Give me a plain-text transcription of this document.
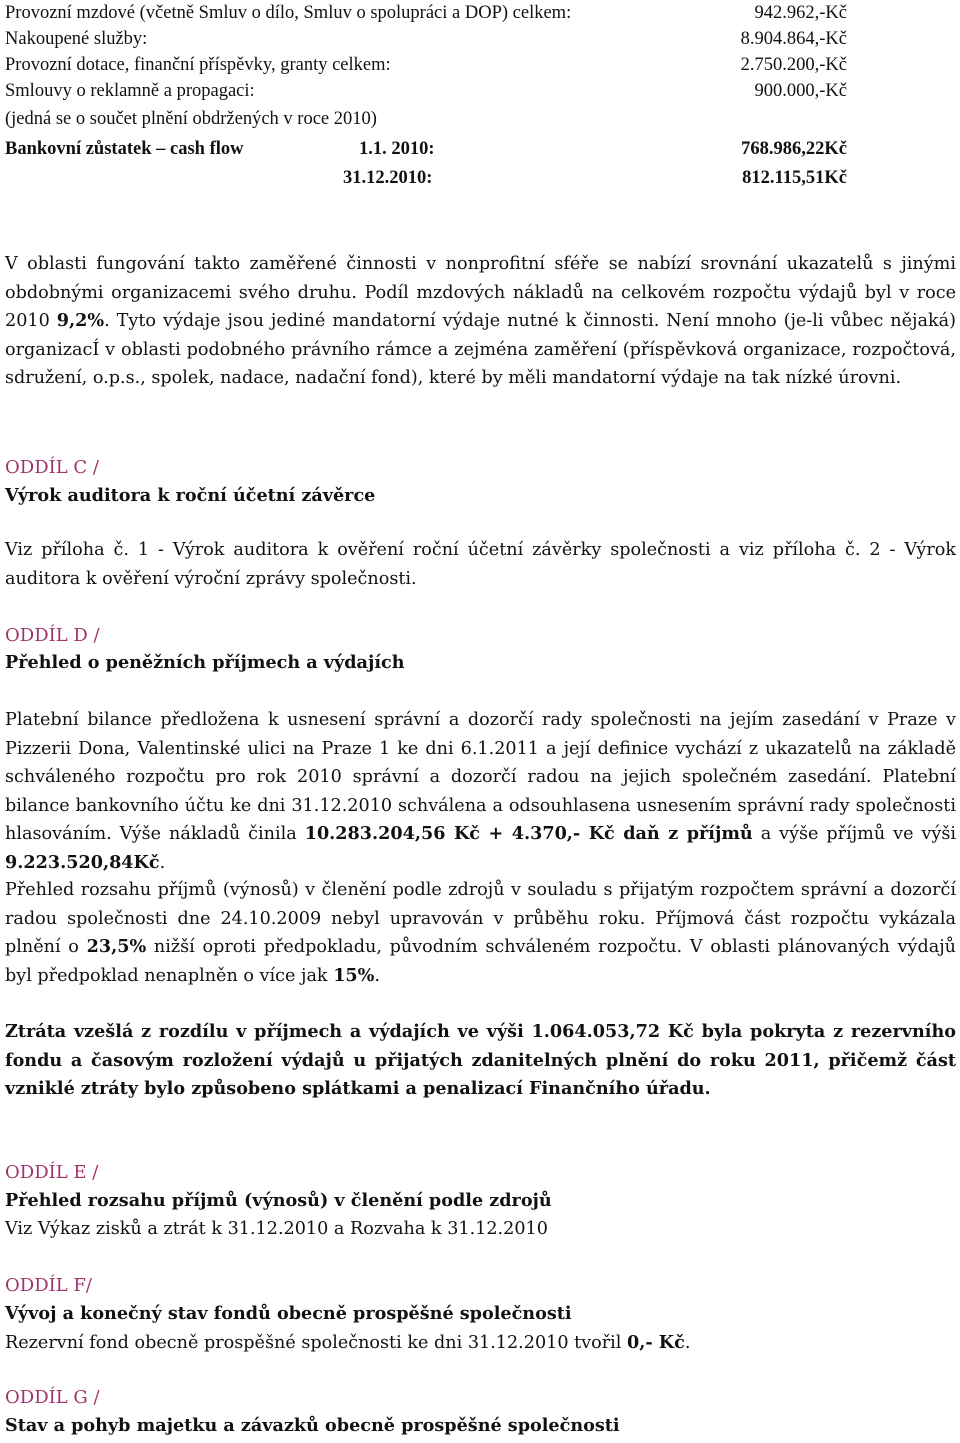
Provozní mzdové (včetně Smluv o dílo, Smluv o spolupráci a DOP) celkem:	942.962,-Kč
Nakoupené služby:	8.904.864,-Kč
Provozní dotace, finanční příspěvky, granty celkem:	2.750.200,-Kč
Smlouvy o reklamně a propagaci:	900.000,-Kč
(jedná se o součet plnění obdržených v roce 2010)
Bankovní zůstatek – cash flow	1.1. 2010:	768.986,22Kč
31.12.2010:	812.115,51Kč
V oblasti fungování takto zaměřené činnosti v nonprofitní sféře se nabízí srovnání ukazatelů s jinými obdobnými organizacemi svého druhu. Podíl mzdových nákladů na celkovém rozpočtu výdajů byl v roce 2010 9,2%. Tyto výdaje jsou jediné mandatorní výdaje nutné k činnosti. Není mnoho (je-li vůbec nějaká) organizacÍ v oblasti podobného právního rámce a zejména zaměření (příspěvková organizace, rozpočtová, sdružení, o.p.s., spolek, nadace, nadační fond), které by měli mandatorní výdaje na tak nízké úrovni.
ODDÍL C /
Výrok auditora k roční účetní závěrce
Viz příloha č. 1 - Výrok auditora k ověření roční účetní závěrky společnosti a viz příloha č. 2 - Výrok auditora k ověření výroční zprávy společnosti.
ODDÍL D /
Přehled o peněžních příjmech a výdajích
Platební bilance předložena k usnesení správní a dozorčí rady společnosti na jejím zasedání v Praze v Pizzerii Dona, Valentinské ulici na Praze 1 ke dni 6.1.2011 a její definice vychází z ukazatelů na základě schváleného rozpočtu pro rok 2010 správní a dozorčí radou na jejich společném zasedání. Platební bilance bankovního účtu ke dni 31.12.2010 schválena a odsouhlasena usnesením správní rady společnosti hlasováním. Výše nákladů činila 10.283.204,56 Kč + 4.370,- Kč daň z příjmů a výše příjmů ve výši 9.223.520,84Kč.
Přehled rozsahu příjmů (výnosů) v členění podle zdrojů v souladu s přijatým rozpočtem správní a dozorčí radou společnosti dne 24.10.2009 nebyl upravován v průběhu roku. Příjmová část rozpočtu vykázala plnění o 23,5% nižší oproti předpokladu, původním schváleném rozpočtu. V oblasti plánovaných výdajů byl předpoklad nenaplněn o více jak 15%.
Ztráta vzešlá z rozdílu v příjmech a výdajích ve výši 1.064.053,72 Kč byla pokryta z rezervního fondu a časovým rozložení výdajů u přijatých zdanitelných plnění do roku 2011, přičemž část vzniklé ztráty bylo způsobeno splátkami a penalizací Finančního úřadu.
ODDÍL E /
Přehled rozsahu příjmů (výnosů) v členění podle zdrojů
Viz Výkaz zisků a ztrát k 31.12.2010 a Rozvaha k 31.12.2010
ODDÍL F/
Vývoj a konečný stav fondů obecně prospěšné společnosti
Rezervní fond obecně prospěšné společnosti ke dni 31.12.2010 tvořil 0,- Kč.
ODDÍL G /
Stav a pohyb majetku a závazků obecně prospěšné společnosti
